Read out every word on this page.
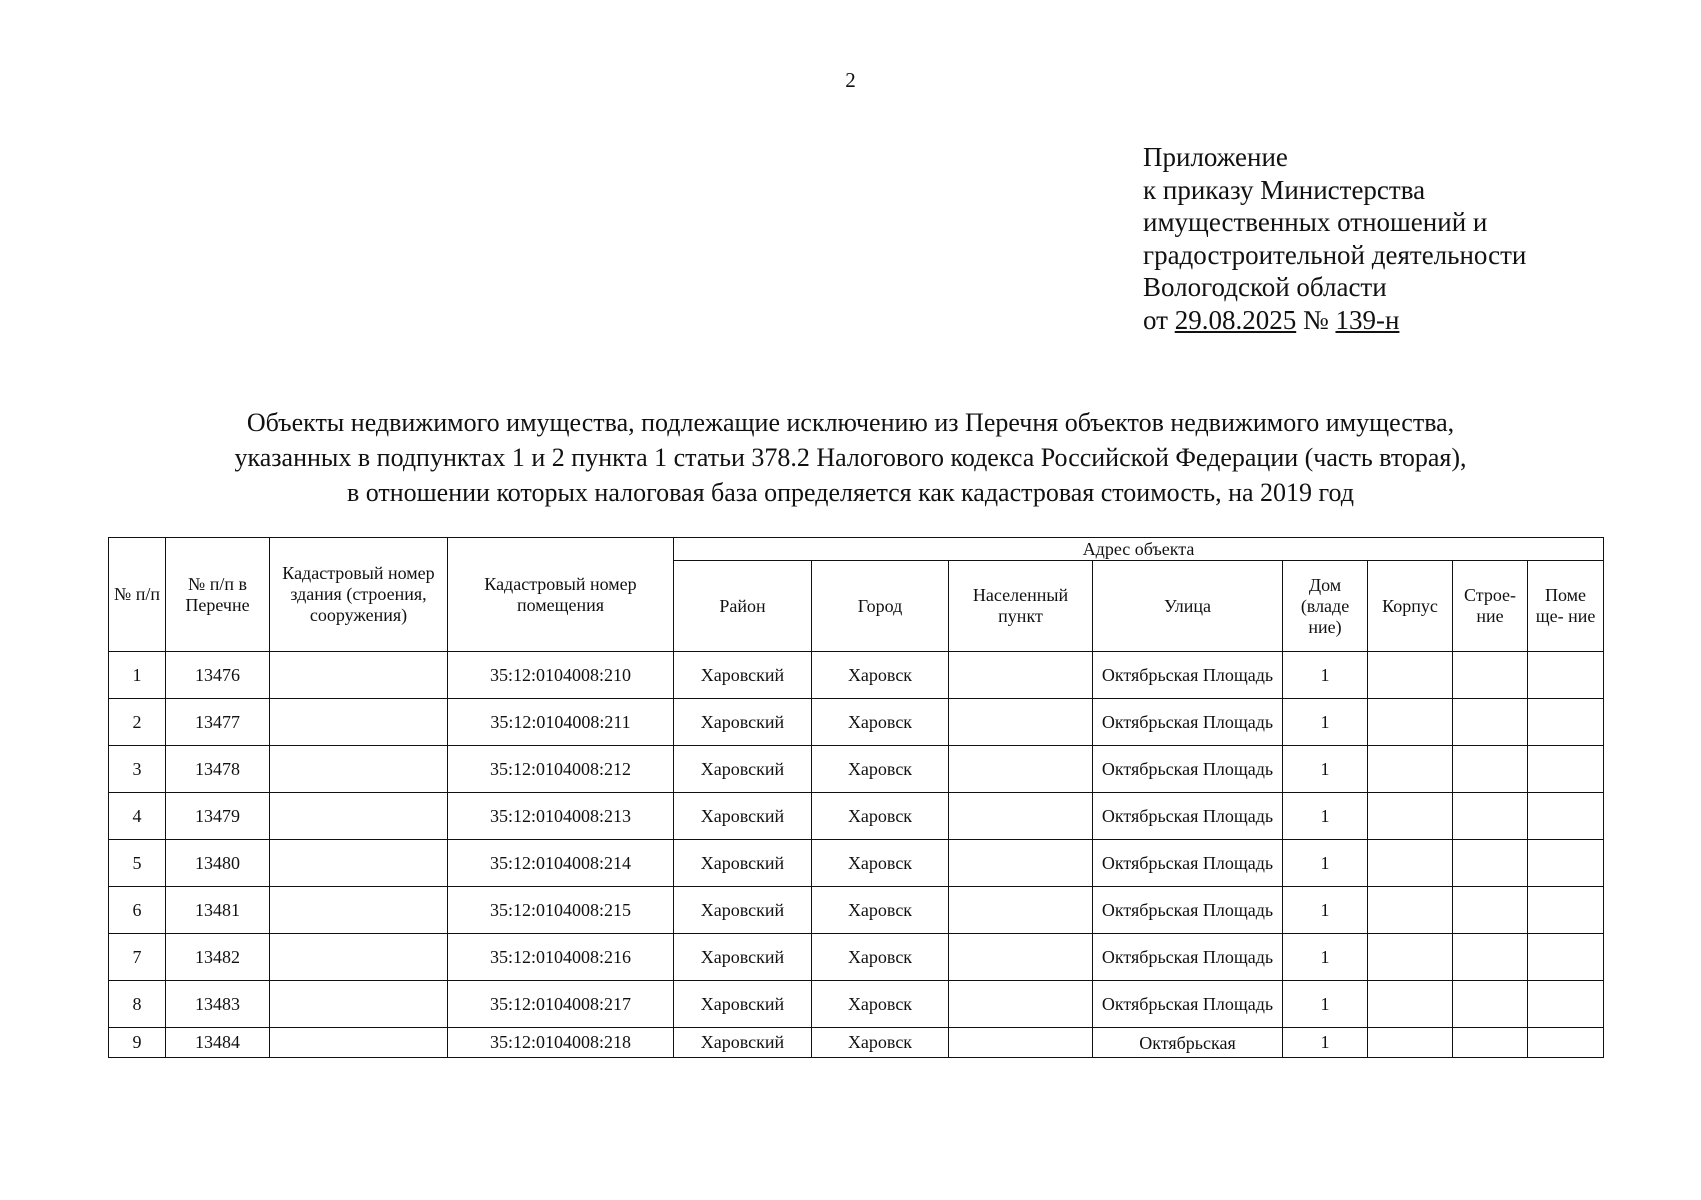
2
Приложение
к приказу Министерства
имущественных отношений и
градостроительной деятельности
Вологодской области
от 29.08.2025 № 139-н
Объекты недвижимого имущества, подлежащие исключению из Перечня объектов недвижимого имущества,
указанных в подпунктах 1 и 2 пункта 1 статьи 378.2 Налогового кодекса Российской Федерации (часть вторая),
в отношении которых налоговая база определяется как кадастровая стоимость, на 2019 год
№ п/п	№ п/п в Перечне	Кадастровый номер здания (строения, сооружения)	Кадастровый номер помещения	Адрес объекта							
				Район	Город	Населенный пункт	Улица	Дом (владе ние)	Корпус	Строе- ние	Поме ще- ние
1	13476		35:12:0104008:210	Харовский	Харовск		Октябрьская Площадь	1			
2	13477		35:12:0104008:211	Харовский	Харовск		Октябрьская Площадь	1			
3	13478		35:12:0104008:212	Харовский	Харовск		Октябрьская Площадь	1			
4	13479		35:12:0104008:213	Харовский	Харовск		Октябрьская Площадь	1			
5	13480		35:12:0104008:214	Харовский	Харовск		Октябрьская Площадь	1			
6	13481		35:12:0104008:215	Харовский	Харовск		Октябрьская Площадь	1			
7	13482		35:12:0104008:216	Харовский	Харовск		Октябрьская Площадь	1			
8	13483		35:12:0104008:217	Харовский	Харовск		Октябрьская Площадь	1			
9	13484		35:12:0104008:218	Харовский	Харовск		Октябрьская	1			
